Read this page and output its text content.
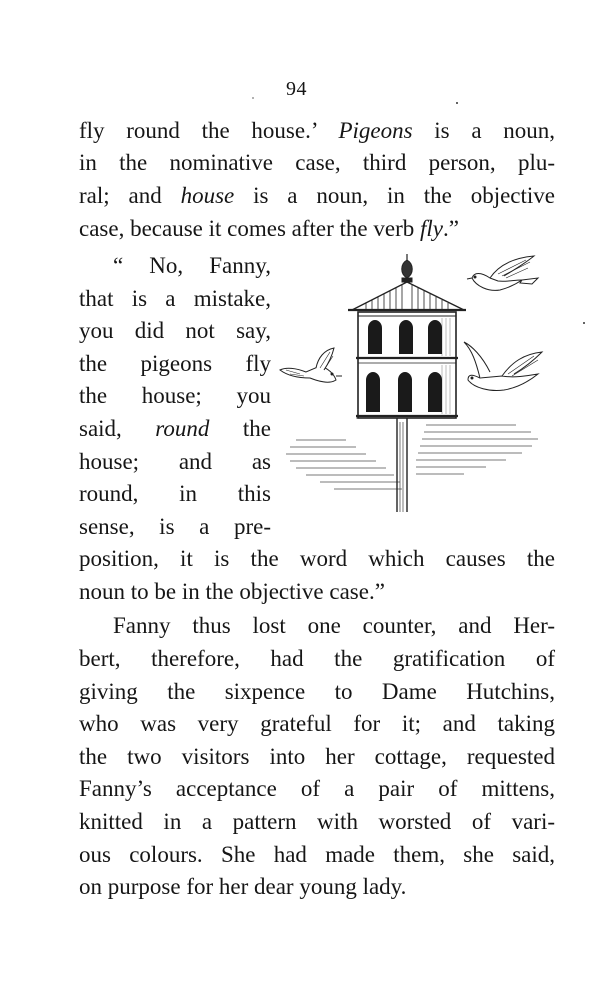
94
fly round the house.’ Pigeons is a noun,
in the nominative case, third person, plu-
ral; and house is a noun, in the objective
case, because it comes after the verb fly.”
“ No, Fanny,
that is a mistake,
you did not say,
the pigeons fly
the house; you
said, round the
house; and as
round, in this
sense, is a pre-
position, it is the word which causes the
noun to be in the objective case.”
Fanny thus lost one counter, and Her-
bert, therefore, had the gratification of
giving the sixpence to Dame Hutchins,
who was very grateful for it; and taking
the two visitors into her cottage, requested
Fanny’s acceptance of a pair of mittens,
knitted in a pattern with worsted of vari-
ous colours. She had made them, she said,
on purpose for her dear young lady.
